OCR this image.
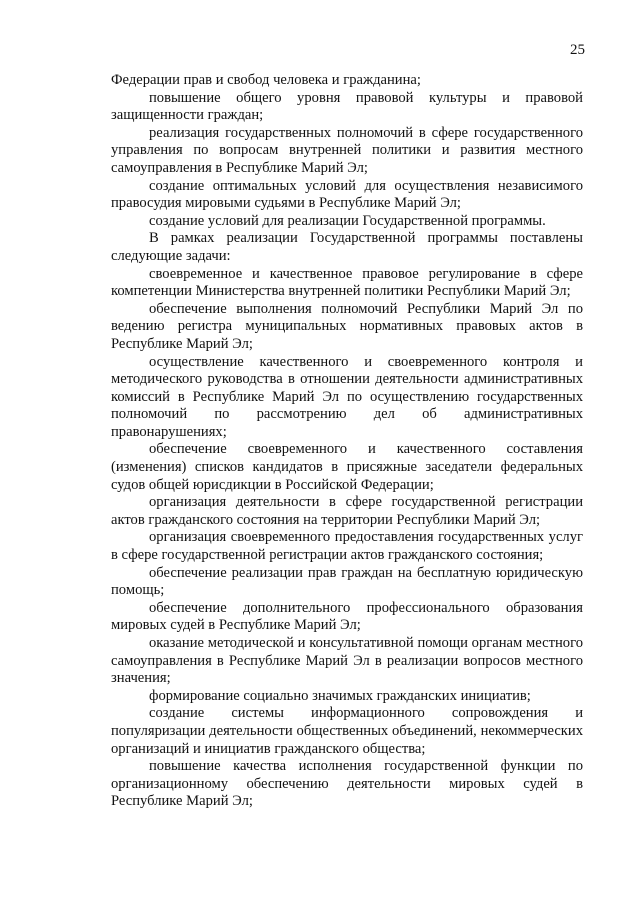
25
Федерации прав и свобод человека и гражданина;
повышение общего уровня правовой культуры и правовой защищенности граждан;
реализация государственных полномочий в сфере государственного управления по вопросам внутренней политики и развития местного самоуправления в Республике Марий Эл;
создание оптимальных условий для осуществления независимого правосудия мировыми судьями в Республике Марий Эл;
создание условий для реализации Государственной программы.
В рамках реализации Государственной программы поставлены следующие задачи:
своевременное и качественное правовое регулирование в сфере компетенции Министерства внутренней политики Республики Марий Эл;
обеспечение выполнения полномочий Республики Марий Эл по ведению регистра муниципальных нормативных правовых актов в Республике Марий Эл;
осуществление качественного и своевременного контроля и методического руководства в отношении деятельности административных комиссий в Республике Марий Эл по осуществлению государственных полномочий по рассмотрению дел об административных правонарушениях;
обеспечение своевременного и качественного составления (изменения) списков кандидатов в присяжные заседатели федеральных судов общей юрисдикции в Российской Федерации;
организация деятельности в сфере государственной регистрации актов гражданского состояния на территории Республики Марий Эл;
организация своевременного предоставления государственных услуг в сфере государственной регистрации актов гражданского состояния;
обеспечение реализации прав граждан на бесплатную юридическую помощь;
обеспечение дополнительного профессионального образования мировых судей в Республике Марий Эл;
оказание методической и консультативной помощи органам местного самоуправления в Республике Марий Эл в реализации вопросов местного значения;
формирование социально значимых гражданских инициатив;
создание системы информационного сопровождения и популяризации деятельности общественных объединений, некоммерческих организаций и инициатив гражданского общества;
повышение качества исполнения государственной функции по организационному обеспечению деятельности мировых судей в Республике Марий Эл;
